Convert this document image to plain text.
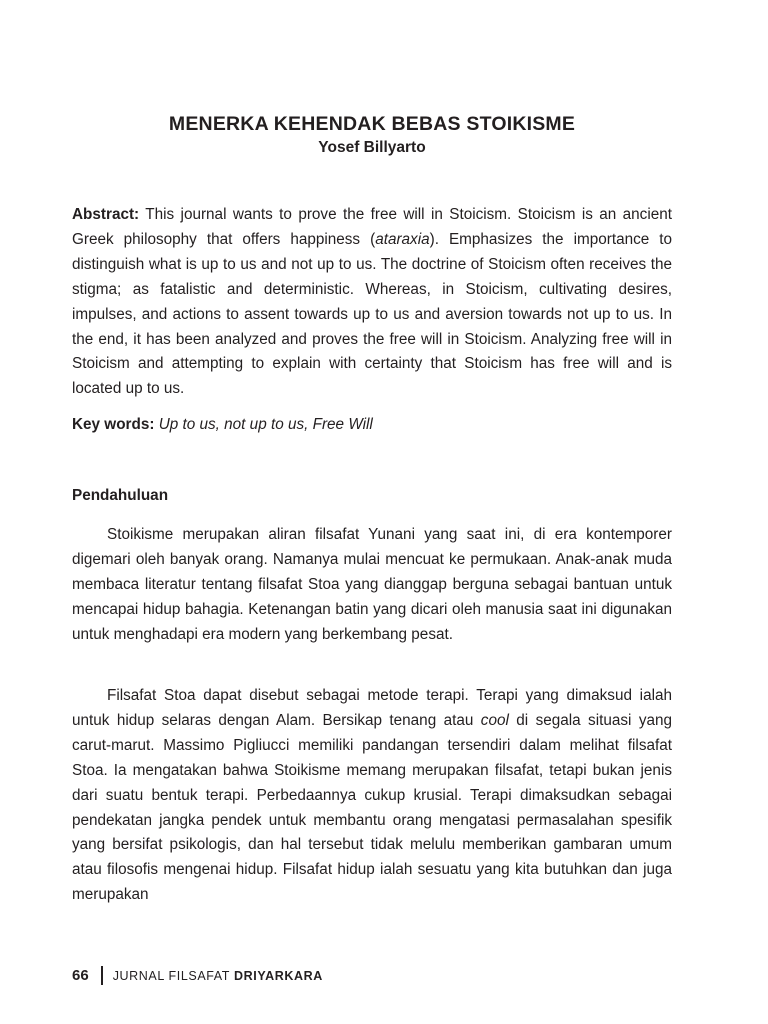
MENERKA KEHENDAK BEBAS STOIKISME
Yosef Billyarto

Abstract: This journal wants to prove the free will in Stoicism. Stoicism is an ancient Greek philosophy that offers happiness (ataraxia). Emphasizes the importance to distinguish what is up to us and not up to us. The doctrine of Stoicism often receives the stigma; as fatalistic and deterministic. Whereas, in Stoicism, cultivating desires, impulses, and actions to assent towards up to us and aversion towards not up to us. In the end, it has been analyzed and proves the free will in Stoicism. Analyzing free will in Stoicism and attempting to explain with certainty that Stoicism has free will and is located up to us.

Key words: Up to us, not up to us, Free Will

Pendahuluan

Stoikisme merupakan aliran filsafat Yunani yang saat ini, di era kontemporer digemari oleh banyak orang. Namanya mulai mencuat ke permukaan. Anak-anak muda membaca literatur tentang filsafat Stoa yang dianggap berguna sebagai bantuan untuk mencapai hidup bahagia. Ketenangan batin yang dicari oleh manusia saat ini digunakan untuk menghadapi era modern yang berkembang pesat.

Filsafat Stoa dapat disebut sebagai metode terapi. Terapi yang dimaksud ialah untuk hidup selaras dengan Alam. Bersikap tenang atau cool di segala situasi yang carut-marut. Massimo Pigliucci memiliki pandangan tersendiri dalam melihat filsafat Stoa. Ia mengatakan bahwa Stoikisme memang merupakan filsafat, tetapi bukan jenis dari suatu bentuk terapi. Perbedaannya cukup krusial. Terapi dimaksudkan sebagai pendekatan jangka pendek untuk membantu orang mengatasi permasalahan spesifik yang bersifat psikologis, dan hal tersebut tidak melulu memberikan gambaran umum atau filosofis mengenai hidup. Filsafat hidup ialah sesuatu yang kita butuhkan dan juga merupakan

66 JURNAL FILSAFAT DRIYARKARA
